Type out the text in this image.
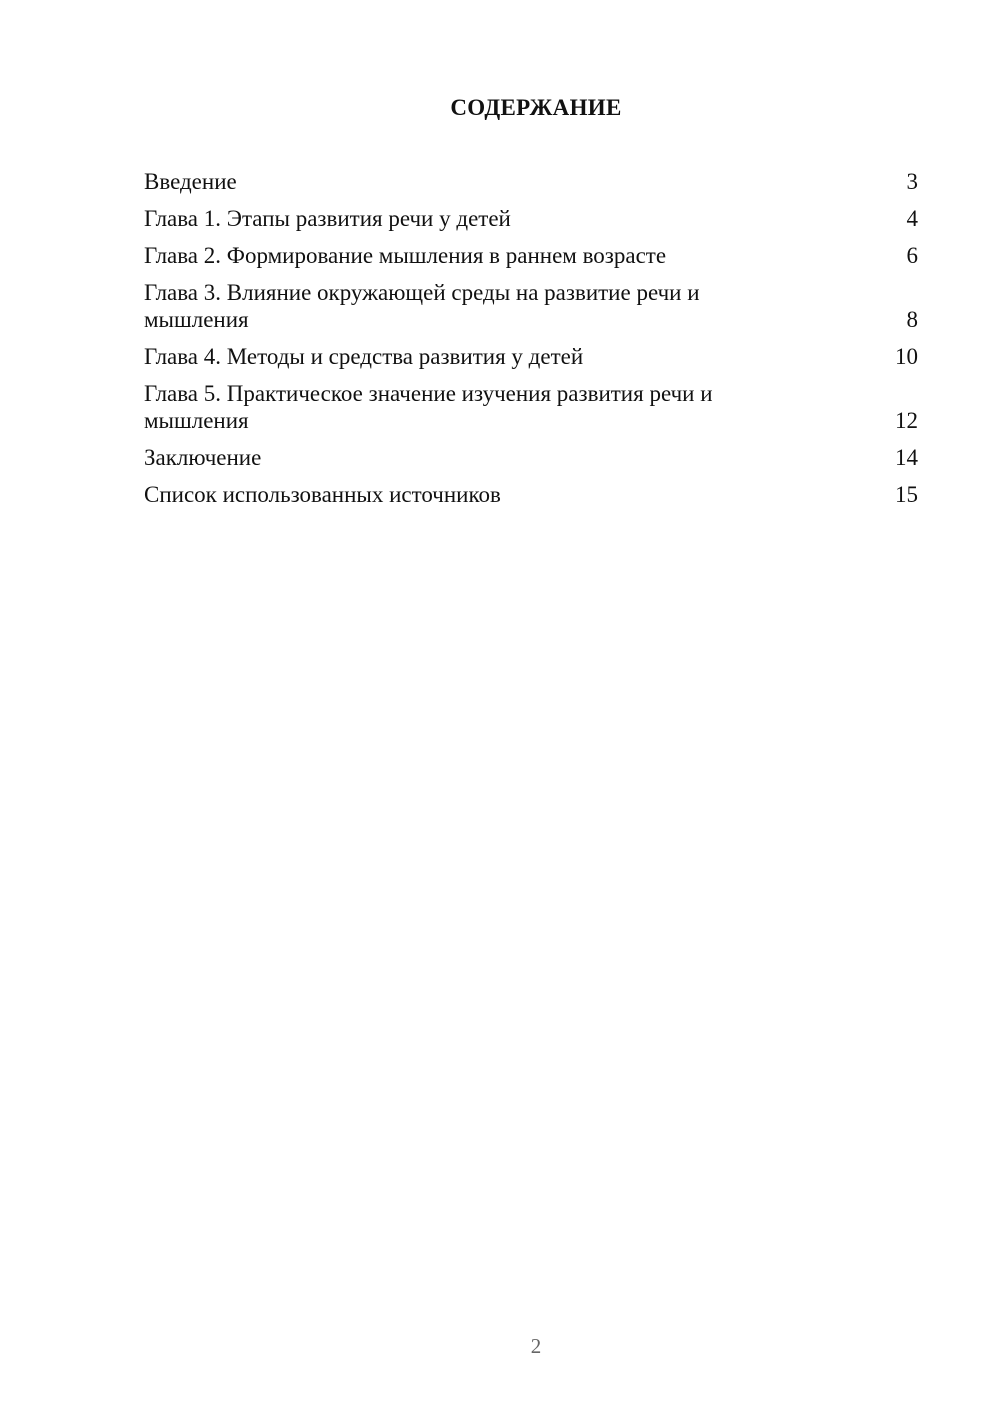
СОДЕРЖАНИЕ
Введение	3
Глава 1. Этапы развития речи у детей	4
Глава 2. Формирование мышления в раннем возрасте	6
Глава 3. Влияние окружающей среды на развитие речи и мышления	8
Глава 4. Методы и средства развития у детей	10
Глава 5. Практическое значение изучения развития речи и мышления	12
Заключение	14
Список использованных источников	15
2
